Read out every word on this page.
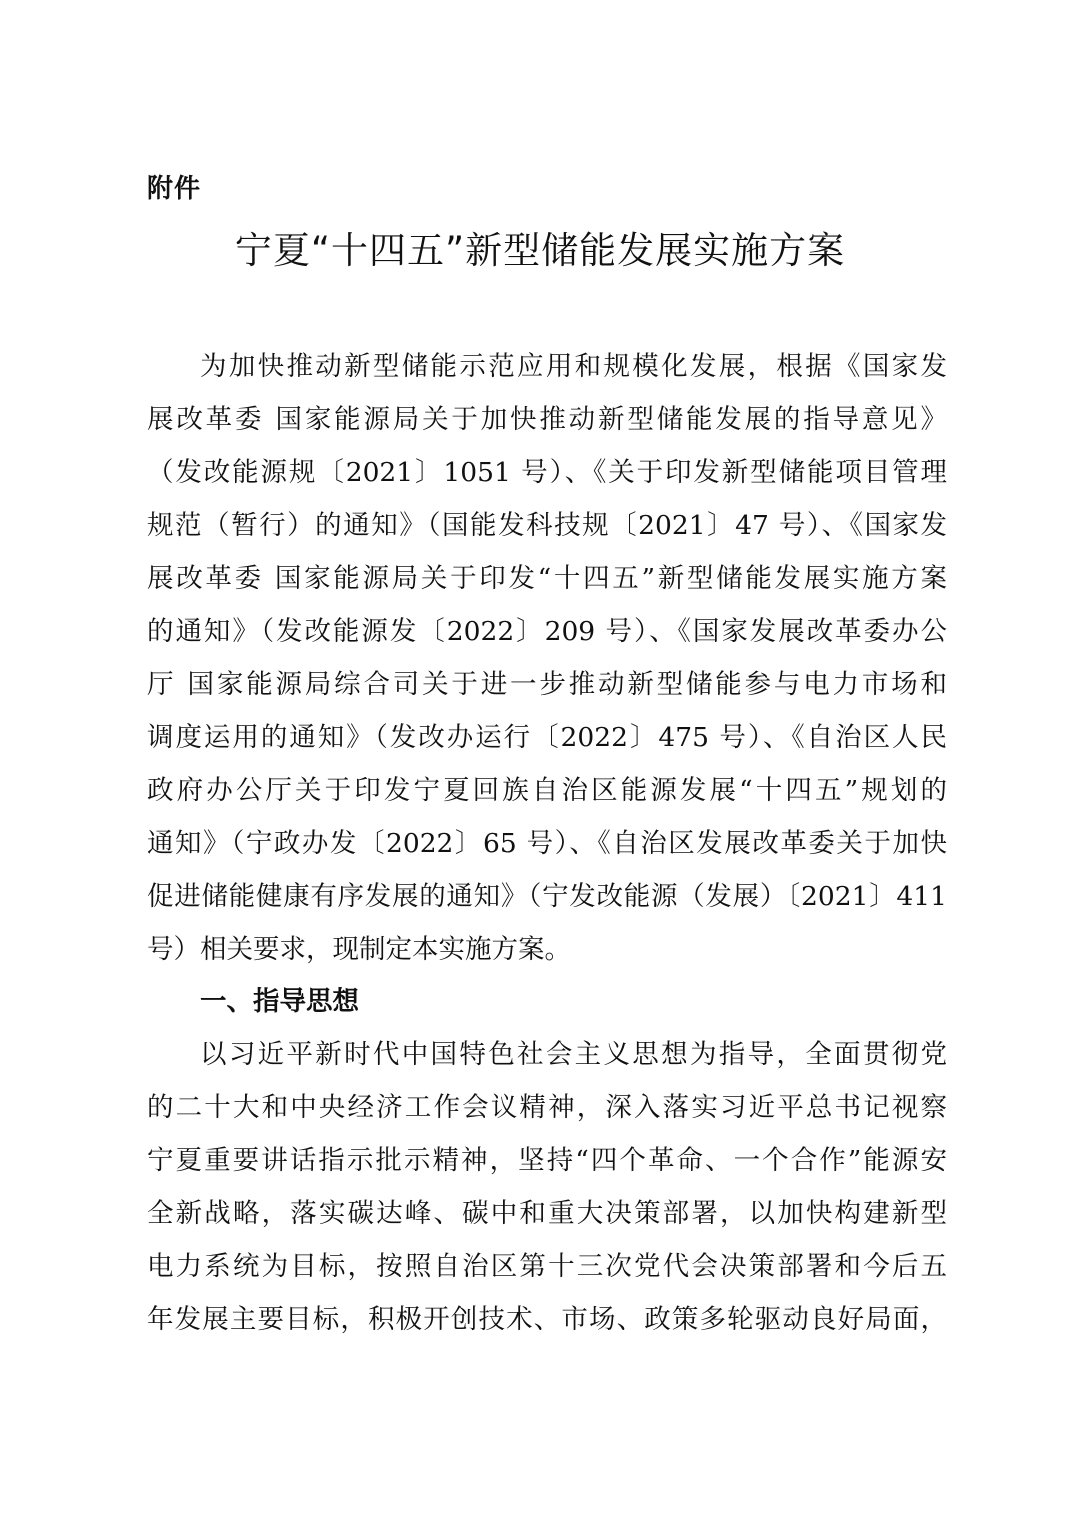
附件
宁夏“十四五”新型储能发展实施方案
为加快推动新型储能示范应用和规模化发展，根据《国家发
展改革委 国家能源局关于加快推动新型储能发展的指导意见》
（发改能源规〔2021〕1051 号）、《关于印发新型储能项目管理
规范（暂行）的通知》（国能发科技规〔2021〕47 号）、《国家发
展改革委 国家能源局关于印发“十四五”新型储能发展实施方案
的通知》（发改能源发〔2022〕209 号）、《国家发展改革委办公
厅 国家能源局综合司关于进一步推动新型储能参与电力市场和
调度运用的通知》（发改办运行〔2022〕475 号）、《自治区人民
政府办公厅关于印发宁夏回族自治区能源发展“十四五”规划的
通知》（宁政办发〔2022〕65 号）、《自治区发展改革委关于加快
促进储能健康有序发展的通知》（宁发改能源（发展）〔2021〕411
号）相关要求，现制定本实施方案。
一、指导思想
以习近平新时代中国特色社会主义思想为指导，全面贯彻党
的二十大和中央经济工作会议精神，深入落实习近平总书记视察
宁夏重要讲话指示批示精神，坚持“四个革命、一个合作”能源安
全新战略，落实碳达峰、碳中和重大决策部署，以加快构建新型
电力系统为目标，按照自治区第十三次党代会决策部署和今后五
年发展主要目标，积极开创技术、市场、政策多轮驱动良好局面，
